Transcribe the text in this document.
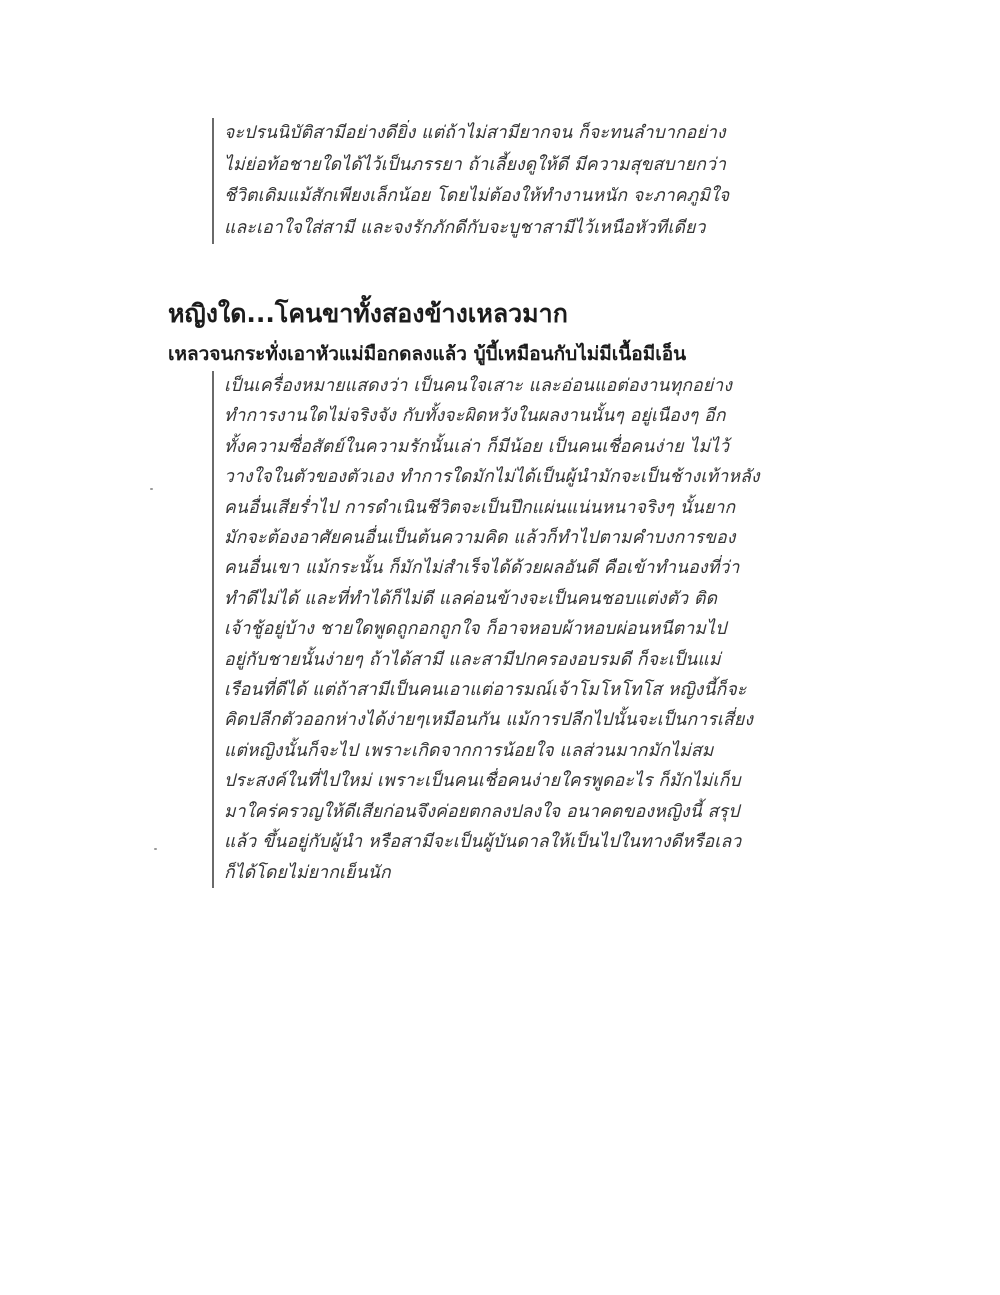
จะปรนนิบัติสามีอย่างดียิ่ง แต่ถ้าไม่สามียากจน ก็จะทนลำบากอย่าง
ไม่ย่อท้อชายใดได้ไว้เป็นภรรยา ถ้าเลี้ยงดูให้ดี มีความสุขสบายกว่า
ชีวิตเดิมแม้สักเพียงเล็กน้อย โดยไม่ต้องให้ทำงานหนัก จะภาคภูมิใจ
และเอาใจใส่สามี และจงรักภักดีกับจะบูชาสามีไว้เหนือหัวทีเดียว
หญิงใด...โคนขาทั้งสองข้างเหลวมาก
เหลวจนกระทั่งเอาหัวแม่มือกดลงแล้ว บู้บี้เหมือนกับไม่มีเนื้อมีเอ็น
เป็นเครื่องหมายแสดงว่า เป็นคนใจเสาะ และอ่อนแอต่องานทุกอย่าง
ทำการงานใดไม่จริงจัง กับทั้งจะผิดหวังในผลงานนั้นๆ อยู่เนืองๆ อีก
ทั้งความซื่อสัตย์ในความรักนั้นเล่า ก็มีน้อย เป็นคนเชื่อคนง่าย ไม่ไว้
วางใจในตัวของตัวเอง ทำการใดมักไม่ได้เป็นผู้นำมักจะเป็นช้างเท้าหลัง
คนอื่นเสียร่ำไป การดำเนินชีวิตจะเป็นปึกแผ่นแน่นหนาจริงๆ นั้นยาก
มักจะต้องอาศัยคนอื่นเป็นต้นความคิด แล้วก็ทำไปตามคำบงการของ
คนอื่นเขา แม้กระนั้น ก็มักไม่สำเร็จได้ด้วยผลอันดี คือเข้าทำนองที่ว่า
ทำดีไม่ได้ และที่ทำได้ก็ไม่ดี แลค่อนข้างจะเป็นคนชอบแต่งตัว ติด
เจ้าชู้อยู่บ้าง ชายใดพูดถูกอกถูกใจ ก็อาจหอบผ้าหอบผ่อนหนีตามไป
อยู่กับชายนั้นง่ายๆ ถ้าได้สามี และสามีปกครองอบรมดี ก็จะเป็นแม่
เรือนที่ดีได้ แต่ถ้าสามีเป็นคนเอาแต่อารมณ์เจ้าโมโหโทโส หญิงนี้ก็จะ
คิดปลีกตัวออกห่างได้ง่ายๆเหมือนกัน แม้การปลีกไปนั้นจะเป็นการเสี่ยง
แต่หญิงนั้นก็จะไป เพราะเกิดจากการน้อยใจ แลส่วนมากมักไม่สม
ประสงค์ในที่ไปใหม่ เพราะเป็นคนเชื่อคนง่ายใครพูดอะไร ก็มักไม่เก็บ
มาใคร่ครวญให้ดีเสียก่อนจึงค่อยตกลงปลงใจ อนาคตของหญิงนี้ สรุป
แล้ว ขึ้นอยู่กับผู้นำ หรือสามีจะเป็นผู้บันดาลให้เป็นไปในทางดีหรือเลว
ก็ได้โดยไม่ยากเย็นนัก
